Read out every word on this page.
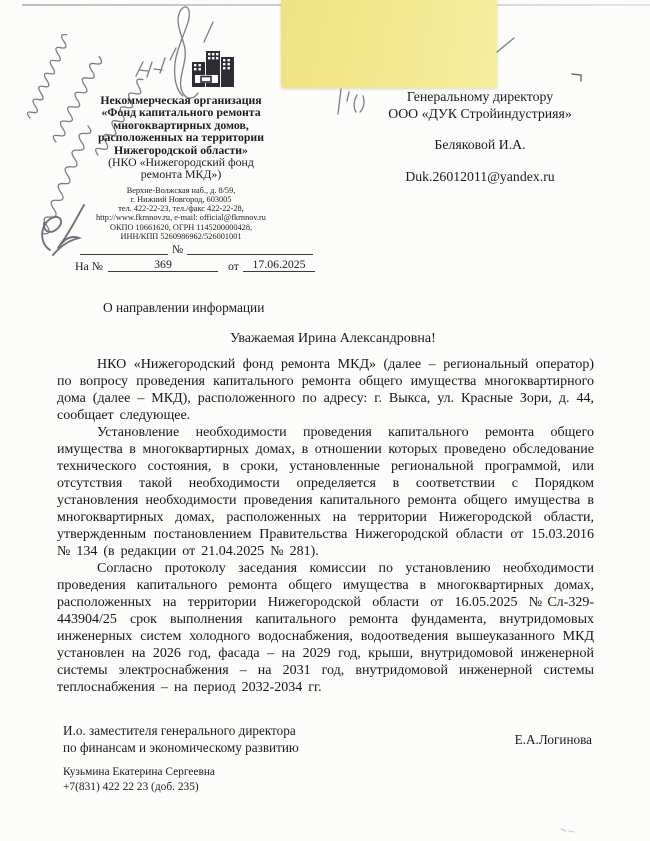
Некоммерческая организация
«Фонд капитального ремонта
многоквартирных домов,
расположенных на территории
Нижегородской области»
(НКО «Нижегородский фонд
ремонта МКД»)
Верхне-Волжская наб., д. 8/59,
г. Нижний Новгород, 603005
тел. 422-22-23, тел./факс 422-22-28,
http://www.fkrnnov.ru, e-mail: official@fkrnnov.ru
ОКПО 10661620, ОГРН 1145200000428,
ИНН/КПП 5260986962/526001001
Генеральному директору
ООО «ДУК Стройиндустрияя»
Беляковой И.А.
Duk.26012011@yandex.ru
№
На №	369	от	17.06.2025
О направлении информации
Уважаемая Ирина Александровна!

НКО «Нижегородский фонд ремонта МКД» (далее – региональный оператор) по вопросу проведения капитального ремонта общего имущества многоквартирного дома (далее – МКД), расположенного по адресу: г. Выкса, ул. Красные Зори, д. 44, сообщает следующее.

Установление необходимости проведения капитального ремонта общего имущества в многоквартирных домах, в отношении которых проведено обследование технического состояния, в сроки, установленные региональной программой, или отсутствия такой необходимости определяется в соответствии с Порядком установления необходимости проведения капитального ремонта общего имущества в многоквартирных домах, расположенных на территории Нижегородской области, утвержденным постановлением Правительства Нижегородской области от 15.03.2016 № 134 (в редакции от 21.04.2025 № 281).

Согласно протоколу заседания комиссии по установлению необходимости проведения капитального ремонта общего имущества в многоквартирных домах, расположенных на территории Нижегородской области от 16.05.2025 №Сл-329-443904/25 срок выполнения капитального ремонта фундамента, внутридомовых инженерных систем холодного водоснабжения, водоотведения вышеуказанного МКД установлен на 2026 год, фасада – на 2029 год, крыши, внутридомовой инженерной системы электроснабжения – на 2031 год, внутридомовой инженерной системы теплоснабжения – на период 2032-2034 гг.

И.о. заместителя генерального директора
по финансам и экономическому развитию	Е.А.Логинова
Кузьмина Екатерина Сергеевна
+7(831) 422 22 23 (доб. 235)
